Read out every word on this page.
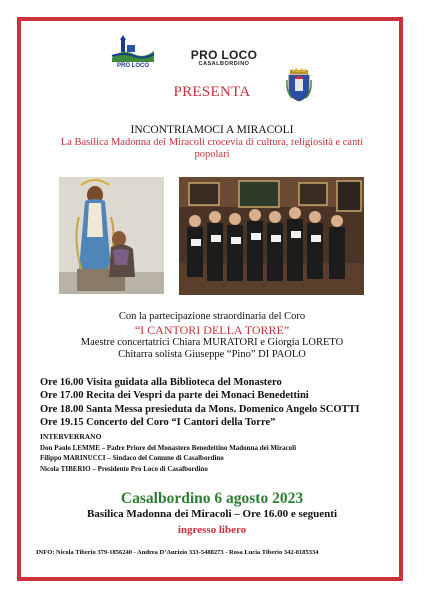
PRO LOCO
PRO LOCO
CASALBORDINO
PRESENTA
INCONTRIAMOCI A MIRACOLI
La Basilica Madonna dei Miracoli crocevia di cultura, religiosità e canti popolari
Con la partecipazione straordinaria del Coro
“I CANTORI DELLA TORRE”
Maestre concertatrici Chiara MURATORI e Giorgia LORETO
Chitarra solista Giuseppe “Pino” DI PAOLO
Ore 16.00 Visita guidata alla Biblioteca del Monastero
Ore 17.00 Recita dei Vespri da parte dei Monaci Benedettini
Ore 18.00 Santa Messa presieduta da Mons. Domenico Angelo SCOTTI
Ore 19.15 Concerto del Coro “I Cantori della Torre”
INTERVERRANO
Don Paolo LEMME – Padre Priore del Monastero Benedettino Madonna dei Miracoli
Filippo MARINUCCI – Sindaco del Comune di Casalbordino
Nicola TIBERIO – Presidente Pro Loco di Casalbordino
Casalbordino 6 agosto 2023
Basilica Madonna dei Miracoli – Ore 16.00 e seguenti
ingresso libero
INFO: Nicola Tiberio 379-1856240 - Andrea D’Aurizio 333-5488273 - Rosa Lucia Tiberio 342-8185334
